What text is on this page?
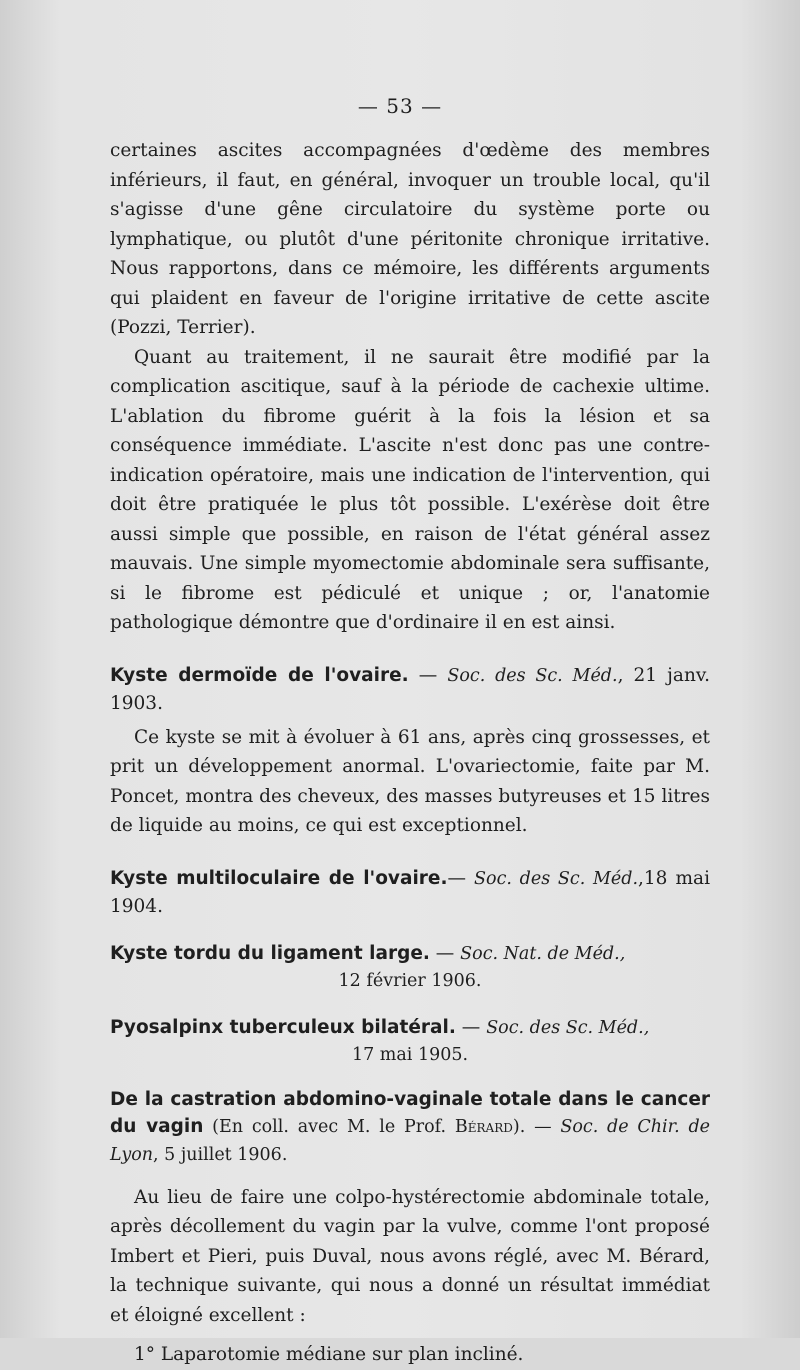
— 53 —

certaines ascites accompagnées d'œdème des membres inférieurs, il faut, en général, invoquer un trouble local, qu'il s'agisse d'une gêne circulatoire du système porte ou lymphatique, ou plutôt d'une péritonite chronique irritative. Nous rapportons, dans ce mémoire, les différents arguments qui plaident en faveur de l'origine irritative de cette ascite (Pozzi, Terrier).

Quant au traitement, il ne saurait être modifié par la complication ascitique, sauf à la période de cachexie ultime. L'ablation du fibrome guérit à la fois la lésion et sa conséquence immédiate. L'ascite n'est donc pas une contre-indication opératoire, mais une indication de l'intervention, qui doit être pratiquée le plus tôt possible. L'exérèse doit être aussi simple que possible, en raison de l'état général assez mauvais. Une simple myomectomie abdominale sera suffisante, si le fibrome est pédiculé et unique ; or, l'anatomie pathologique démontre que d'ordinaire il en est ainsi.

Kyste dermoïde de l'ovaire. — Soc. des Sc. Méd., 21 janv. 1903.

Ce kyste se mit à évoluer à 61 ans, après cinq grossesses, et prit un développement anormal. L'ovariectomie, faite par M. Poncet, montra des cheveux, des masses butyreuses et 15 litres de liquide au moins, ce qui est exceptionnel.

Kyste multiloculaire de l'ovaire.— Soc. des Sc. Méd.,18 mai 1904.

Kyste tordu du ligament large. — Soc. Nat. de Méd.,

12 février 1906.

Pyosalpinx tuberculeux bilatéral. — Soc. des Sc. Méd.,

17 mai 1905.

De la castration abdomino-vaginale totale dans le cancer du vagin (En coll. avec M. le Prof. Bérard). — Soc. de Chir. de Lyon, 5 juillet 1906.

Au lieu de faire une colpo-hystérectomie abdominale totale, après décollement du vagin par la vulve, comme l'ont proposé Imbert et Pieri, puis Duval, nous avons réglé, avec M. Bérard, la technique suivante, qui nous a donné un résultat immédiat et éloigné excellent :

1° Laparotomie médiane sur plan incliné.
